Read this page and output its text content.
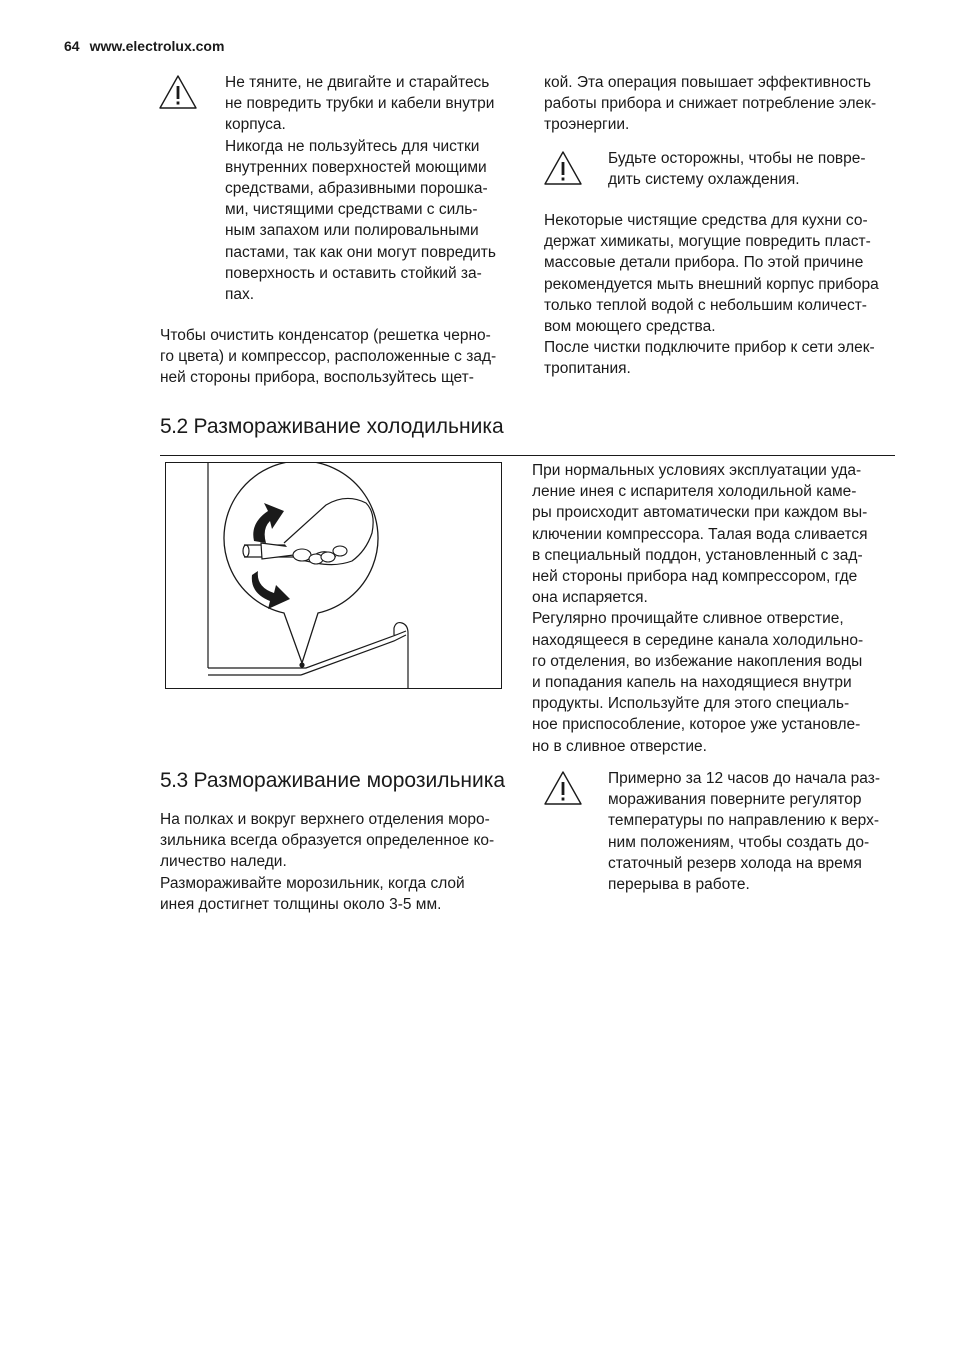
64 www.electrolux.com

Не тяните, не двигайте и старайтесь

не повредить трубки и кабели внутри

корпуса.

Никогда не пользуйтесь для чистки

внутренних поверхностей моющими

средствами, абразивными порошка-

ми, чистящими средствами с силь-

ным запахом или полировальными

пастами, так как они могут повредить

поверхность и оставить стойкий за-

пах.

Чтобы очистить конденсатор (решетка черно-

го цвета) и компрессор, расположенные с зад-

ней стороны прибора, воспользуйтесь щет-

кой. Эта операция повышает эффективность

работы прибора и снижает потребление элек-

троэнергии.

Будьте осторожны, чтобы не повре-

дить систему охлаждения.

Некоторые чистящие средства для кухни со-

держат химикаты, могущие повредить пласт-

массовые детали прибора. По этой причине

рекомендуется мыть внешний корпус прибора

только теплой водой с небольшим количест-

вом моющего средства.

После чистки подключите прибор к сети элек-

тропитания.

5.2 Размораживание холодильника

При нормальных условиях эксплуатации уда-

ление инея с испарителя холодильной каме-

ры происходит автоматически при каждом вы-

ключении компрессора. Талая вода сливается

в специальный поддон, установленный с зад-

ней стороны прибора над компрессором, где

она испаряется.

Регулярно прочищайте сливное отверстие,

находящееся в середине канала холодильно-

го отделения, во избежание накопления воды

и попадания капель на находящиеся внутри

продукты. Используйте для этого специаль-

ное приспособление, которое уже установле-

но в сливное отверстие.

5.3 Размораживание морозильника

На полках и вокруг верхнего отделения моро-

зильника всегда образуется определенное ко-

личество наледи.

Размораживайте морозильник, когда слой

инея достигнет толщины около 3-5 мм.

Примерно за 12 часов до начала раз-

мораживания поверните регулятор

температуры по направлению к верх-

ним положениям, чтобы создать до-

статочный резерв холода на время

перерыва в работе.
